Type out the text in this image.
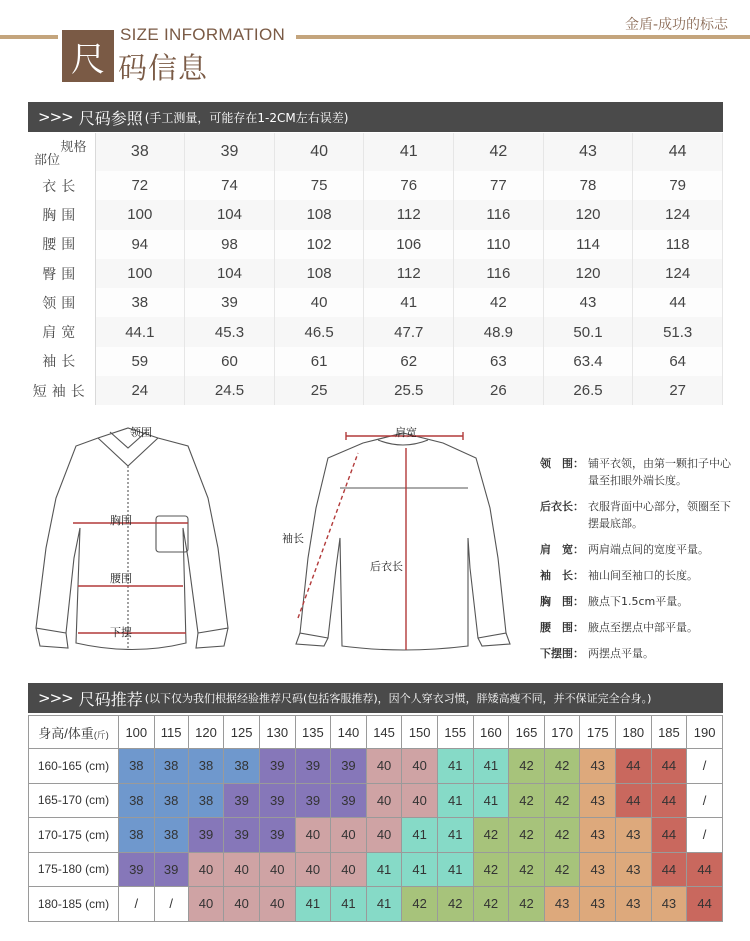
尺
SIZE INFORMATION
码信息
金盾-成功的标志
>>> 尺码参照 (手工测量，可能存在1-2CM左右误差)
规格
部位	38	39	40	41	42	43	44
衣长	72	74	75	76	77	78	79
胸围	100	104	108	112	116	120	124
腰围	94	98	102	106	110	114	118
臀围	100	104	108	112	116	120	124
领围	38	39	40	41	42	43	44
肩宽	44.1	45.3	46.5	47.7	48.9	50.1	51.3
袖长	59	60	61	62	63	63.4	64
短袖长	24	24.5	25	25.5	26	26.5	27
领围
胸围
腰围
下摆
肩宽
袖长
后衣长
领　围： 铺平衣领，由第一颗扣子中心量至扣眼外端长度。
后衣长： 衣服背面中心部分，领圈至下摆最底部。
肩　宽： 两肩端点间的宽度平量。
袖　长： 袖山间至袖口的长度。
胸　围： 腋点下1.5cm平量。
腰　围： 腋点至摆点中部平量。
下摆围： 两摆点平量。
>>> 尺码推荐 (以下仅为我们根据经验推荐尺码(包括客服推荐)，因个人穿衣习惯，胖矮高瘦不同，并不保证完全合身。)
身高/体重(斤)	100	115	120	125	130	135	140	145	150	155	160	165	170	175	180	185	190
160-165 (cm)	38	38	38	38	39	39	39	40	40	41	41	42	42	43	44	44	/
165-170 (cm)	38	38	38	39	39	39	39	40	40	41	41	42	42	43	44	44	/
170-175 (cm)	38	38	39	39	39	40	40	40	41	41	42	42	42	43	43	44	/
175-180 (cm)	39	39	40	40	40	40	40	41	41	41	42	42	42	43	43	44	44
180-185 (cm)	/	/	40	40	40	41	41	41	42	42	42	42	43	43	43	43	44
